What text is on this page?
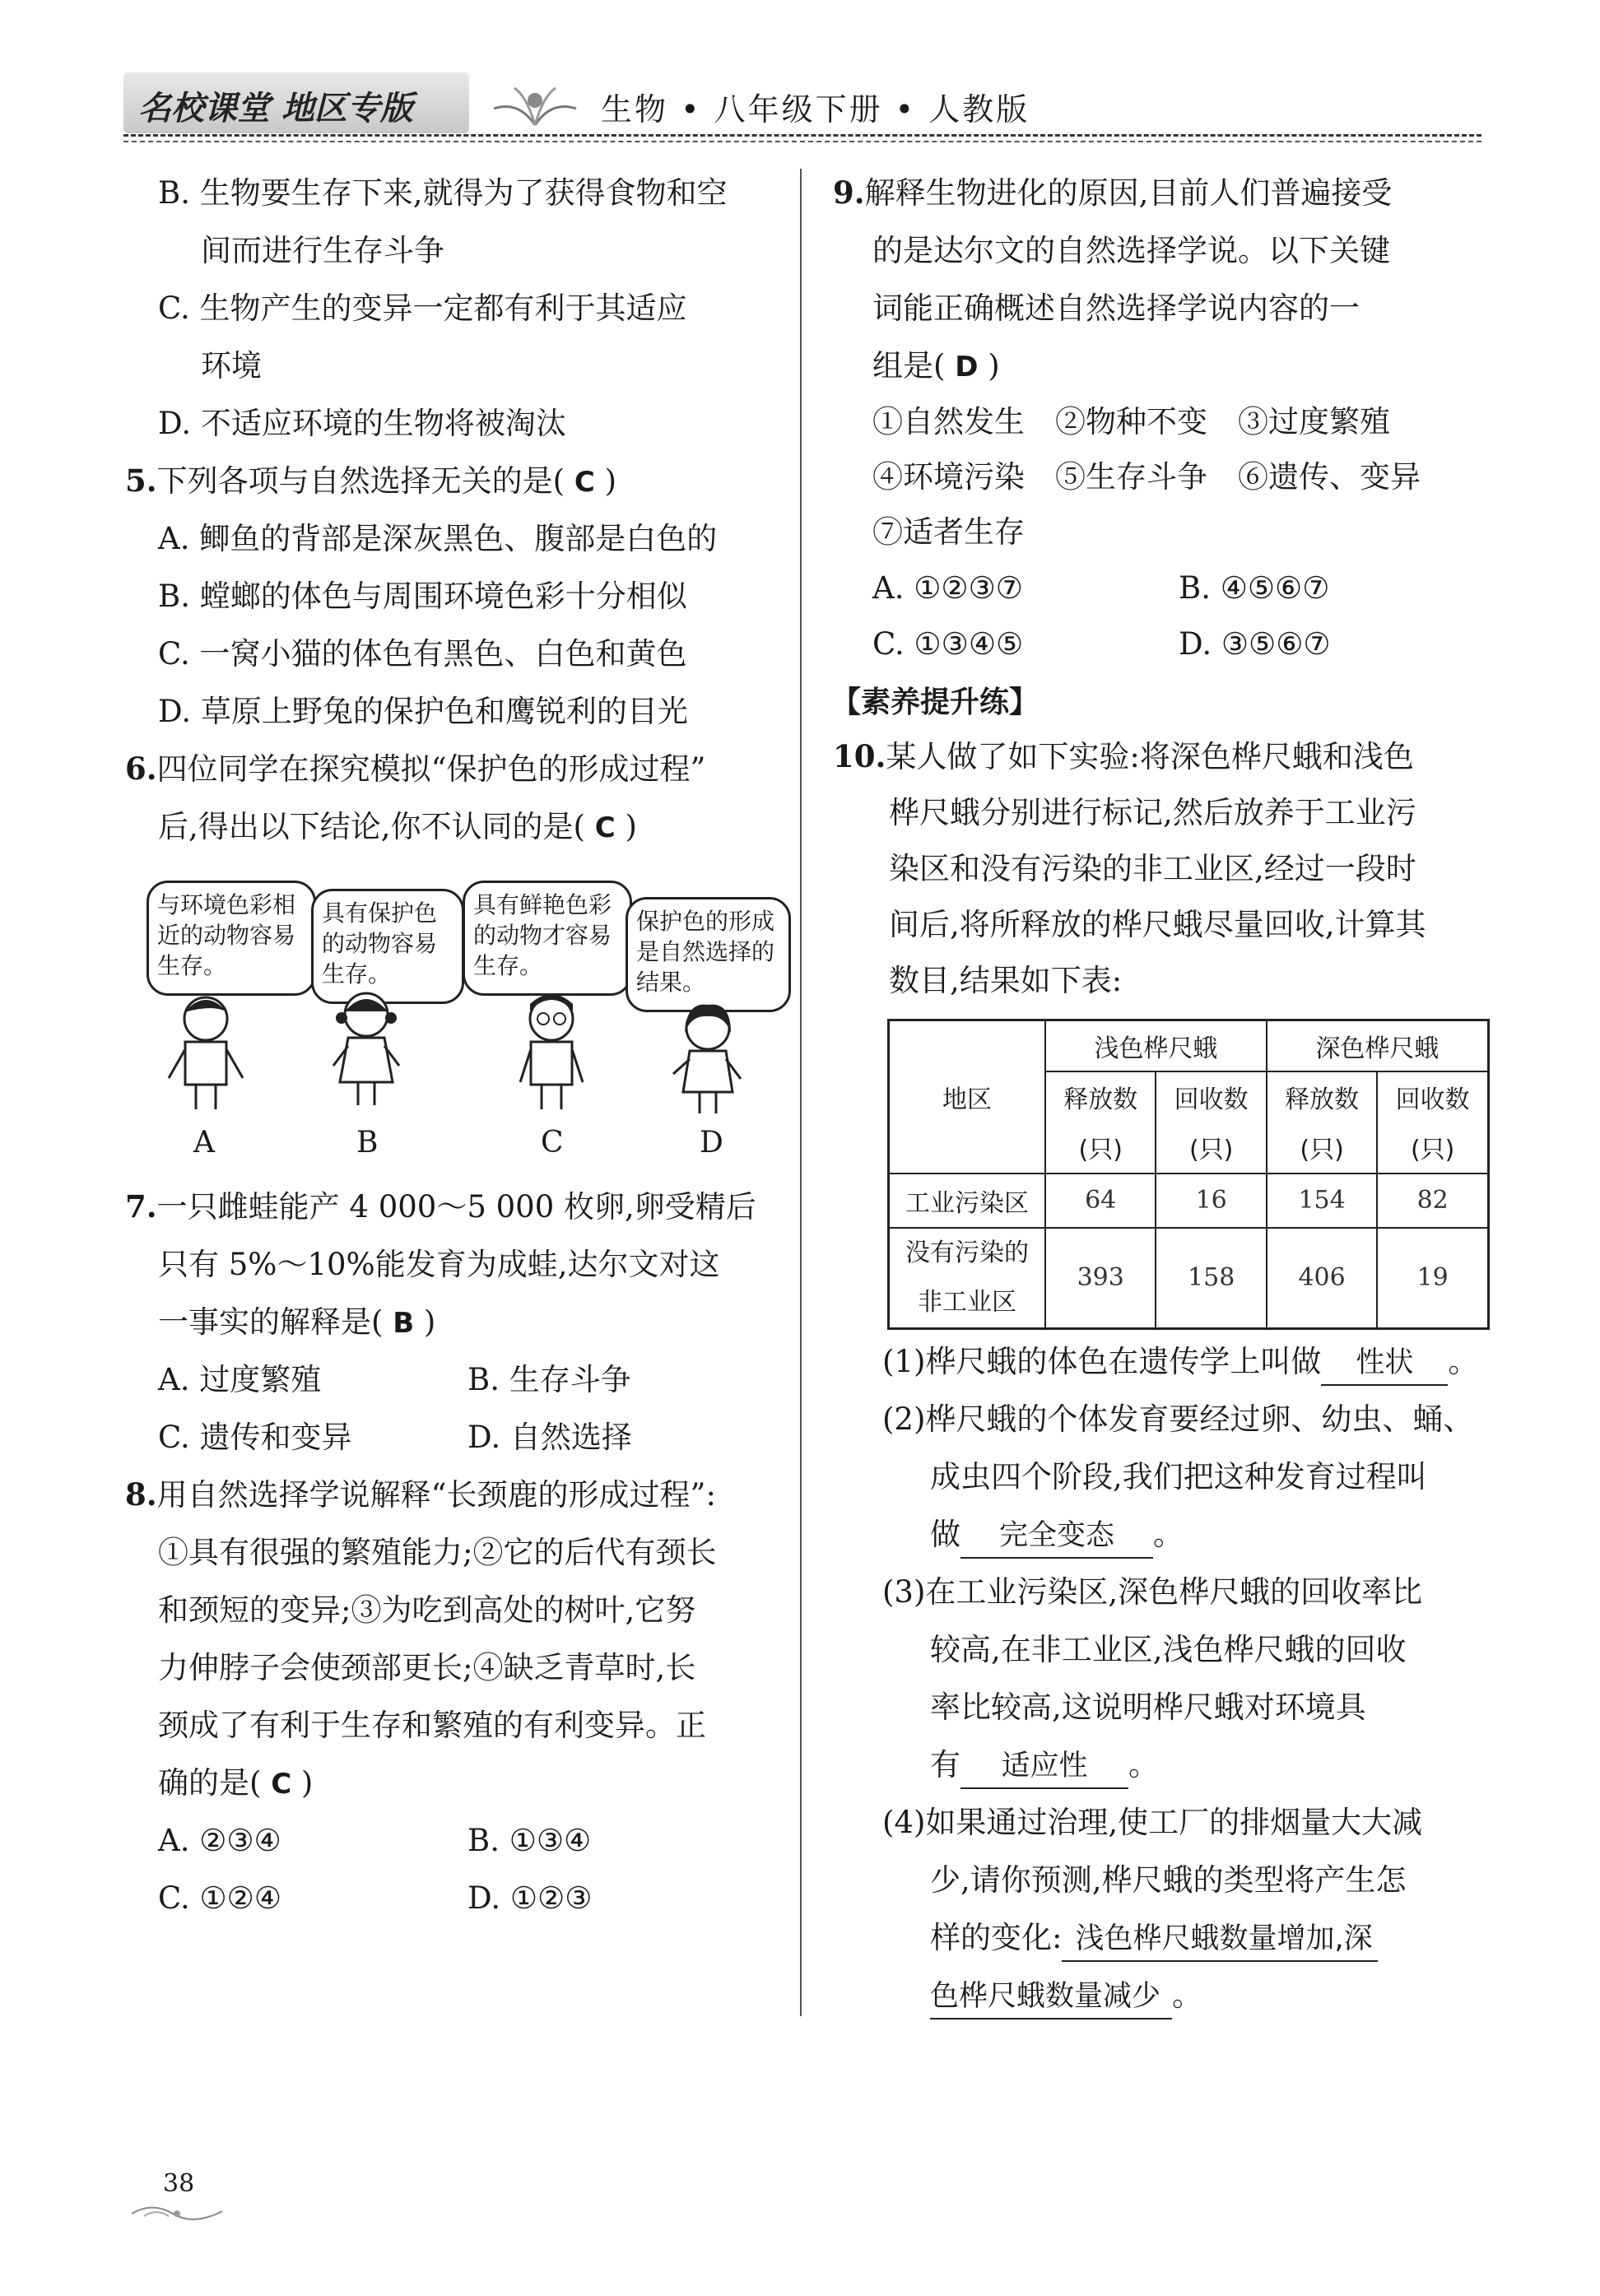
名校课堂 地区专版	生物 • 八年级下册 • 人教版
B. 生物要生存下来,就得为了获得食物和空
间而进行生存斗争
C. 生物产生的变异一定都有利于其适应
环境
D. 不适应环境的生物将被淘汰
5.下列各项与自然选择无关的是( C )
A. 鲫鱼的背部是深灰黑色、腹部是白色的
B. 螳螂的体色与周围环境色彩十分相似
C. 一窝小猫的体色有黑色、白色和黄色
D. 草原上野兔的保护色和鹰锐利的目光
6.四位同学在探究模拟“保护色的形成过程”
后,得出以下结论,你不认同的是( C )
与环境色彩相近的动物容易生存。
具有保护色的动物容易生存。
具有鲜艳色彩的动物才容易生存。
保护色的形成是自然选择的结果。
A	B	C	D
7.一只雌蛙能产 4 000～5 000 枚卵,卵受精后
只有 5%～10%能发育为成蛙,达尔文对这
一事实的解释是( B )
A. 过度繁殖	B. 生存斗争
C. 遗传和变异	D. 自然选择
8.用自然选择学说解释“长颈鹿的形成过程”:
①具有很强的繁殖能力;②它的后代有颈长
和颈短的变异;③为吃到高处的树叶,它努
力伸脖子会使颈部更长;④缺乏青草时,长
颈成了有利于生存和繁殖的有利变异。正
确的是( C )
A. ②③④	B. ①③④
C. ①②④	D. ①②③
9.解释生物进化的原因,目前人们普遍接受
的是达尔文的自然选择学说。以下关键
词能正确概述自然选择学说内容的一
组是( D )
①自然发生　②物种不变　③过度繁殖
④环境污染　⑤生存斗争　⑥遗传、变异
⑦适者生存
A. ①②③⑦	B. ④⑤⑥⑦
C. ①③④⑤	D. ③⑤⑥⑦
【素养提升练】
10.某人做了如下实验:将深色桦尺蛾和浅色
桦尺蛾分别进行标记,然后放养于工业污
染区和没有污染的非工业区,经过一段时
间后,将所释放的桦尺蛾尽量回收,计算其
数目,结果如下表:
地区	浅色桦尺蛾		深色桦尺蛾	
	释放数	回收数	释放数	回收数
	(只)	(只)	(只)	(只)
工业污染区	64	16	154	82

没有污染的
非工业区	393	158	406	19
(1)桦尺蛾的体色在遗传学上叫做 性状 。
(2)桦尺蛾的个体发育要经过卵、幼虫、蛹、
成虫四个阶段,我们把这种发育过程叫
做 完全变态 。
(3)在工业污染区,深色桦尺蛾的回收率比
较高,在非工业区,浅色桦尺蛾的回收
率比较高,这说明桦尺蛾对环境具
有 适应性 。
(4)如果通过治理,使工厂的排烟量大大减
少,请你预测,桦尺蛾的类型将产生怎
样的变化: 浅色桦尺蛾数量增加,深
色桦尺蛾数量减少 。
38
